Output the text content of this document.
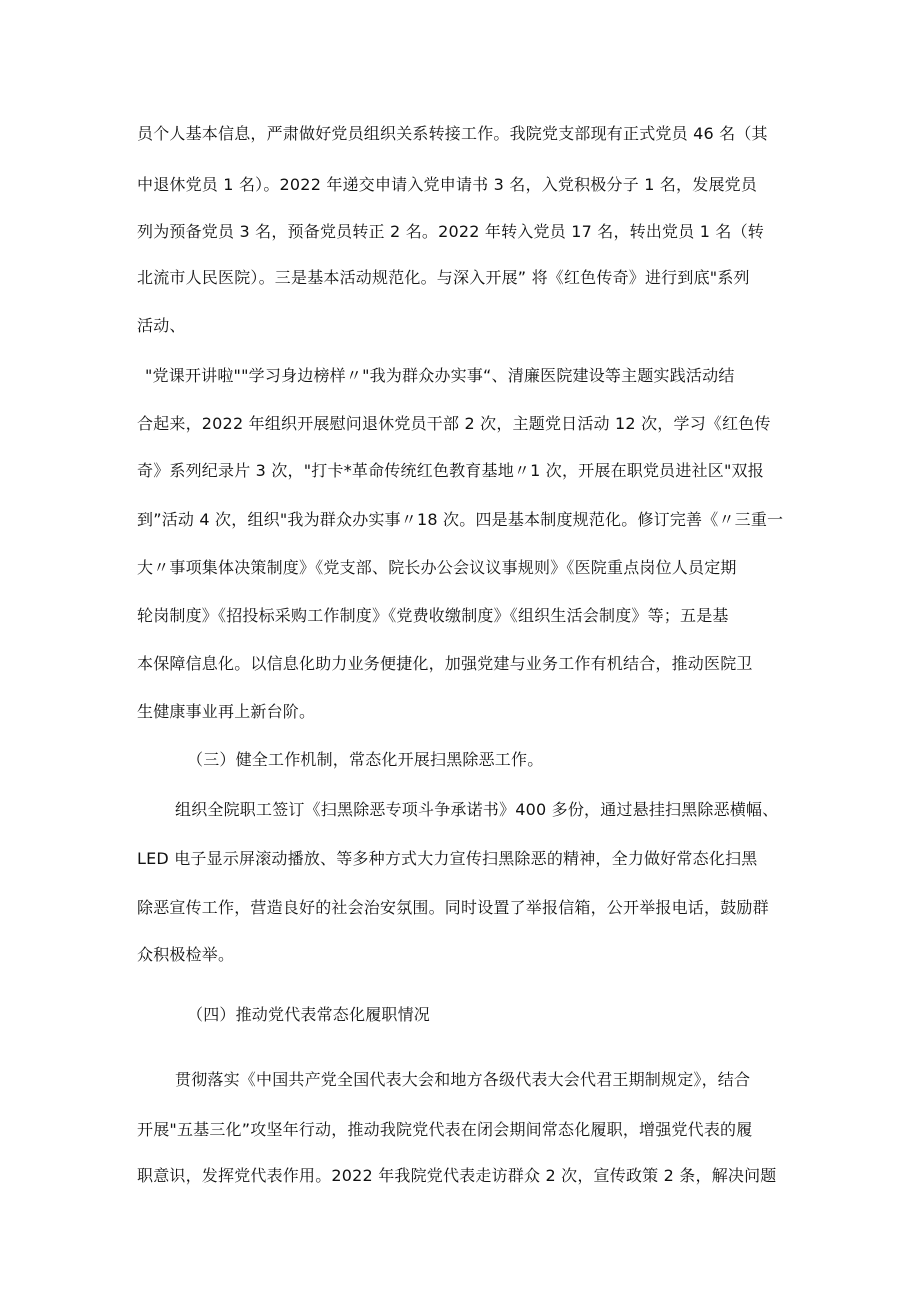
员个人基本信息，严肃做好党员组织关系转接工作。我院党支部现有正式党员 46 名（其
中退休党员 1 名）。2022 年递交申请入党申请书 3 名，入党积极分子 1 名，发展党员
列为预备党员 3 名，预备党员转正 2 名。2022 年转入党员 17 名，转出党员 1 名（转
北流市人民医院）。三是基本活动规范化。与深入开展” 将《红色传奇》进行到底"系列
活动、
"党课开讲啦""学习身边榜样〃"我为群众办实事“、清廉医院建设等主题实践活动结
合起来，2022 年组织开展慰问退休党员干部 2 次，主题党日活动 12 次，学习《红色传
奇》系列纪录片 3 次，"打卡*革命传统红色教育基地〃1 次，开展在职党员进社区"双报
到”活动 4 次，组织"我为群众办实事〃18 次。四是基本制度规范化。修订完善《〃三重一
大〃事项集体决策制度》《党支部、院长办公会议议事规则》《医院重点岗位人员定期
轮岗制度》《招投标采购工作制度》《党费收缴制度》《组织生活会制度》等；五是基
本保障信息化。以信息化助力业务便捷化，加强党建与业务工作有机结合，推动医院卫
生健康事业再上新台阶。
（三）健全工作机制，常态化开展扫黑除恶工作。
组织全院职工签订《扫黑除恶专项斗争承诺书》400 多份，通过悬挂扫黑除恶横幅、
LED 电子显示屏滚动播放、等多种方式大力宣传扫黑除恶的精神，全力做好常态化扫黑
除恶宣传工作，营造良好的社会治安氛围。同时设置了举报信箱，公开举报电话，鼓励群
众积极检举。
（四）推动党代表常态化履职情况
贯彻落实《中国共产党全国代表大会和地方各级代表大会代君王期制规定》，结合
开展"五基三化”攻坚年行动，推动我院党代表在闭会期间常态化履职，增强党代表的履
职意识，发挥党代表作用。2022 年我院党代表走访群众 2 次，宣传政策 2 条，解决问题
